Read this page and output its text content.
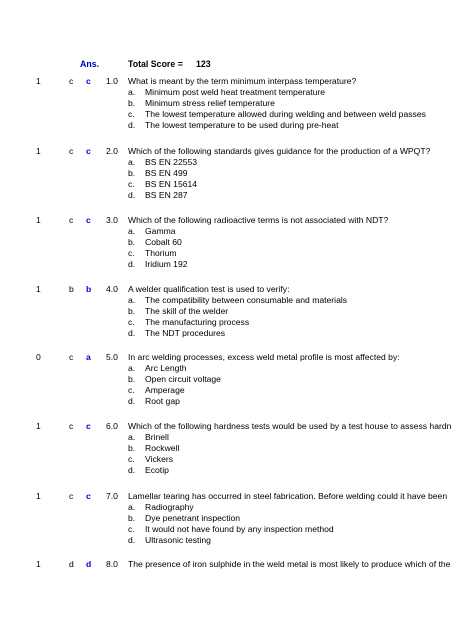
Ans.	Total Score = 123
1	c c 1.0 What is meant by the term minimum interpass temperature?
a. Minimum post weld heat treatment temperature
b. Minimum stress relief temperature
c. The lowest temperature allowed during welding and between weld passes
d. The lowest temperature to be used during pre-heat
1	c c 2.0 Which of the following standards gives guidance for the production of a WPQT?
a. BS EN 22553
b. BS EN 499
c. BS EN 15614
d. BS EN 287
1	c c 3.0 Which of the following radioactive terms is not associated with NDT?
a. Gamma
b. Cobalt 60
c. Thorium
d. Iridium 192
1	b b 4.0 A welder qualification test is used to verify:
a. The compatibility between consumable and materials
b. The skill of the welder
c. The manufacturing process
d. The NDT procedures
0	c a 5.0 In arc welding processes, excess weld metal profile is most affected by:
a. Arc Length
b. Open circuit voltage
c. Amperage
d. Root gap
1	c c 6.0 Which of the following hardness tests would be used by a test house to assess hardn
a. Brinell
b. Rockwell
c. Vickers
d. Ecotip
1	c c 7.0 Lamellar tearing has occurred in steel fabrication. Before welding could it have been
a. Radiography
b. Dye penetrant inspection
c. It would not have found by any inspection method
d. Ultrasonic testing
1	d d 8.0 The presence of iron sulphide in the weld metal is most likely to produce which of the
